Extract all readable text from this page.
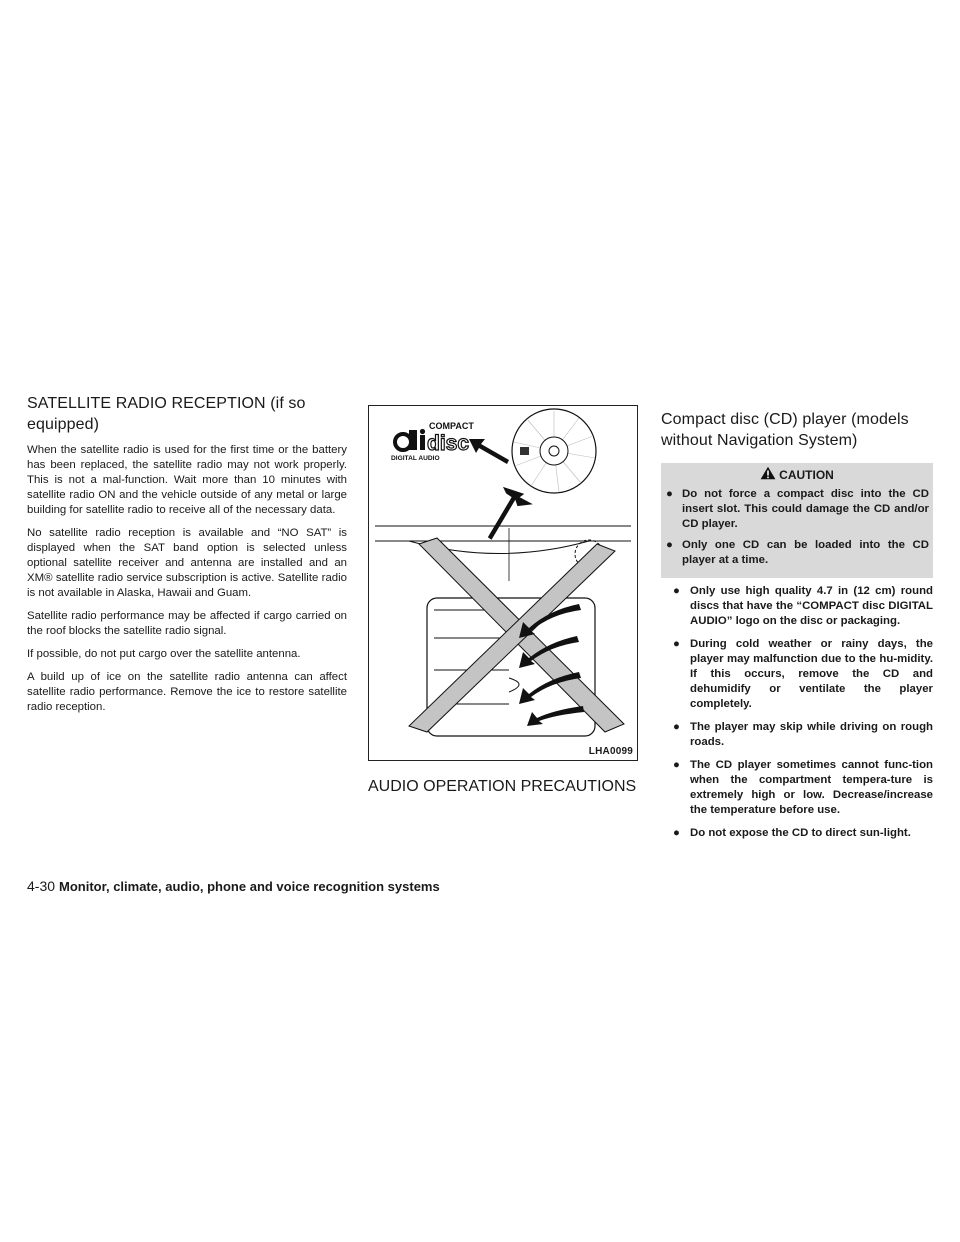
SATELLITE RADIO RECEPTION (if so equipped)

When the satellite radio is used for the first time or the battery has been replaced, the satellite radio may not work properly. This is not a mal-function. Wait more than 10 minutes with satellite radio ON and the vehicle outside of any metal or large building for satellite radio to receive all of the necessary data.

No satellite radio reception is available and “NO SAT” is displayed when the SAT band option is selected unless optional satellite receiver and antenna are installed and an XM® satellite radio service subscription is active. Satellite radio is not available in Alaska, Hawaii and Guam.

Satellite radio performance may be affected if cargo carried on the roof blocks the satellite radio signal.

If possible, do not put cargo over the satellite antenna.

A build up of ice on the satellite radio antenna can affect satellite radio performance. Remove the ice to restore satellite radio reception.

COMPACT
disc
DIGITAL AUDIO
LHA0099
AUDIO OPERATION PRECAUTIONS
Compact disc (CD) player (models without Navigation System)
CAUTION
● Do not force a compact disc into the CD insert slot. This could damage the CD and/or CD player.
● Only one CD can be loaded into the CD player at a time.
● Only use high quality 4.7 in (12 cm) round discs that have the “COMPACT disc DIGITAL AUDIO” logo on the disc or packaging.
● During cold weather or rainy days, the player may malfunction due to the hu-midity. If this occurs, remove the CD and dehumidify or ventilate the player completely.
● The player may skip while driving on rough roads.
● The CD player sometimes cannot func-tion when the compartment tempera-ture is extremely high or low. Decrease/increase the temperature before use.
● Do not expose the CD to direct sun-light.
4-30 Monitor, climate, audio, phone and voice recognition systems
